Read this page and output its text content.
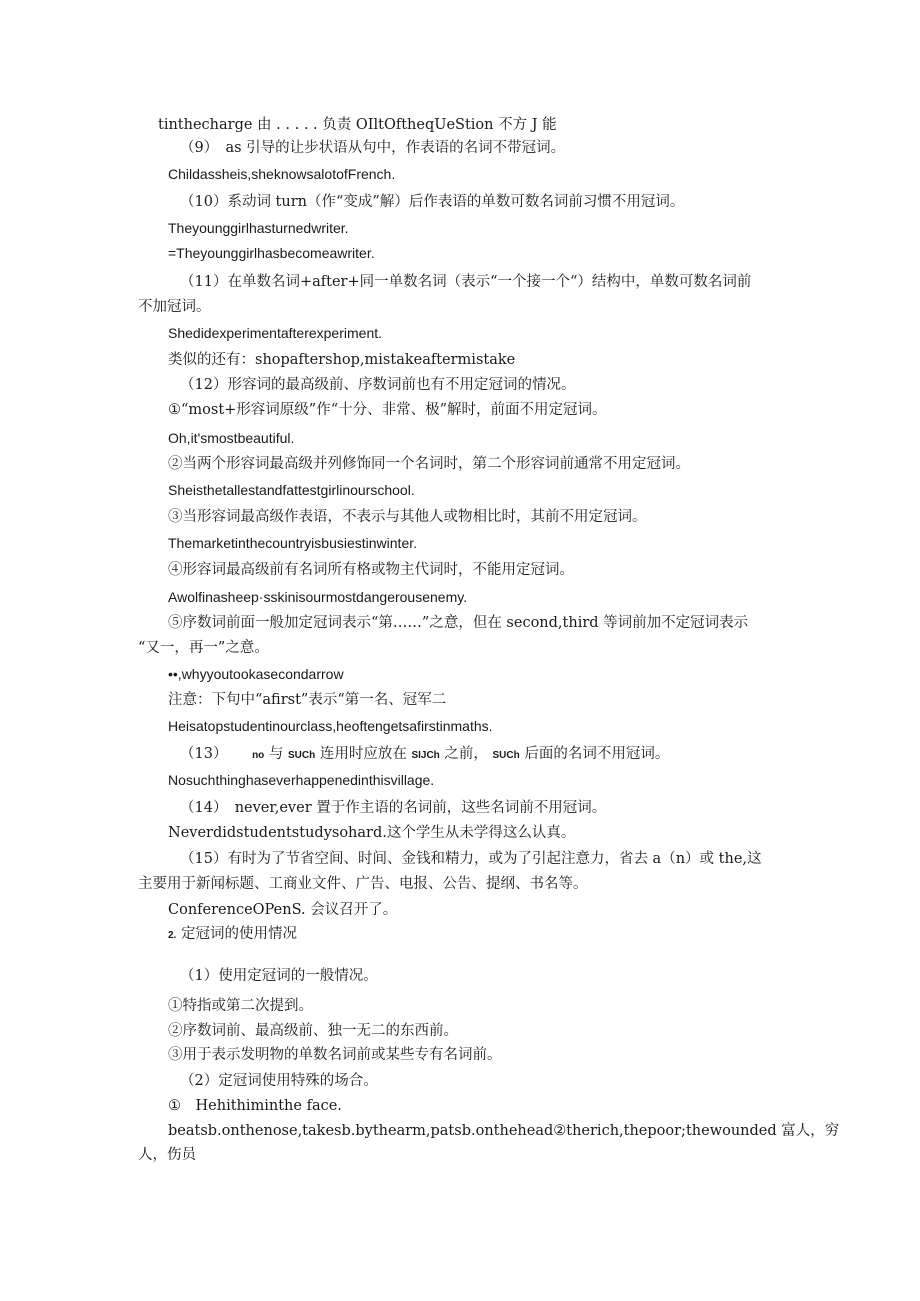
tinthecharge 由 . . . . . 负责 OIltOftheqUeStion 不方 J 能
（9）　as 引导的让步状语从句中，作表语的名词不带冠词。
Childassheis,sheknowsalotofFrench.
（10）系动词 turn（作“变成”解）后作表语的单数可数名词前习惯不用冠词。
Theyounggirlhasturnedwriter.
=Theyounggirlhasbecomeawriter.
（11）在单数名词+after+同一单数名词（表示“一个接一个“）结构中，单数可数名词前
不加冠词。
Shedidexperimentafterexperiment.
类似的还有：shopaftershop,mistakeaftermistake
（12）形容词的最高级前、序数词前也有不用定冠词的情况。
①“most+形容词原级”作“十分、非常、极”解时，前面不用定冠词。
Oh,it'smostbeautiful.
②当两个形容词最高级并列修饰同一个名词时，第二个形容词前通常不用定冠词。
Sheisthetallestandfattestgirlinourschool.
③当形容词最高级作表语，不表示与其他人或物相比时，其前不用定冠词。
Themarketinthecountryisbusiestinwinter.
④形容词最高级前有名词所有格或物主代词时，不能用定冠词。
Awolfinasheep·sskinisourmostdangerousenemy.
⑤序数词前面一般加定冠词表示“第……”之意，但在 second,third 等词前加不定冠词表示
“又一，再一”之意。
••,whyyoutookasecondarrow
注意：下句中“afirst”表示“第一名、冠军二
Heisatopstudentinourclass,heoftengetsafirstinmaths.
（13） no 与 SUCh 连用时应放在 SIJCh 之前， SUCh 后面的名词不用冠词。
Nosuchthinghaseverhappenedinthisvillage.
（14）　never,ever 置于作主语的名词前，这些名词前不用冠词。
Neverdidstudentstudysohard.这个学生从未学得这么认真。
（15）有时为了节省空间、时间、金钱和精力，或为了引起注意力，省去 a（n）或 the,这
主要用于新闻标题、工商业文件、广告、电报、公告、提纲、书名等。
ConferenceOPenS. 会议召开了。
2. 定冠词的使用情况
（1）使用定冠词的一般情况。
①特指或第二次提到。
②序数词前、最高级前、独一无二的东西前。
③用于表示发明物的单数名词前或某些专有名词前。
（2）定冠词使用特殊的场合。
①　Hehithiminthe face.
beatsb.onthenose,takesb.bythearm,patsb.onthehead②therich,thepoor;thewounded 富人，穷
人，伤员
